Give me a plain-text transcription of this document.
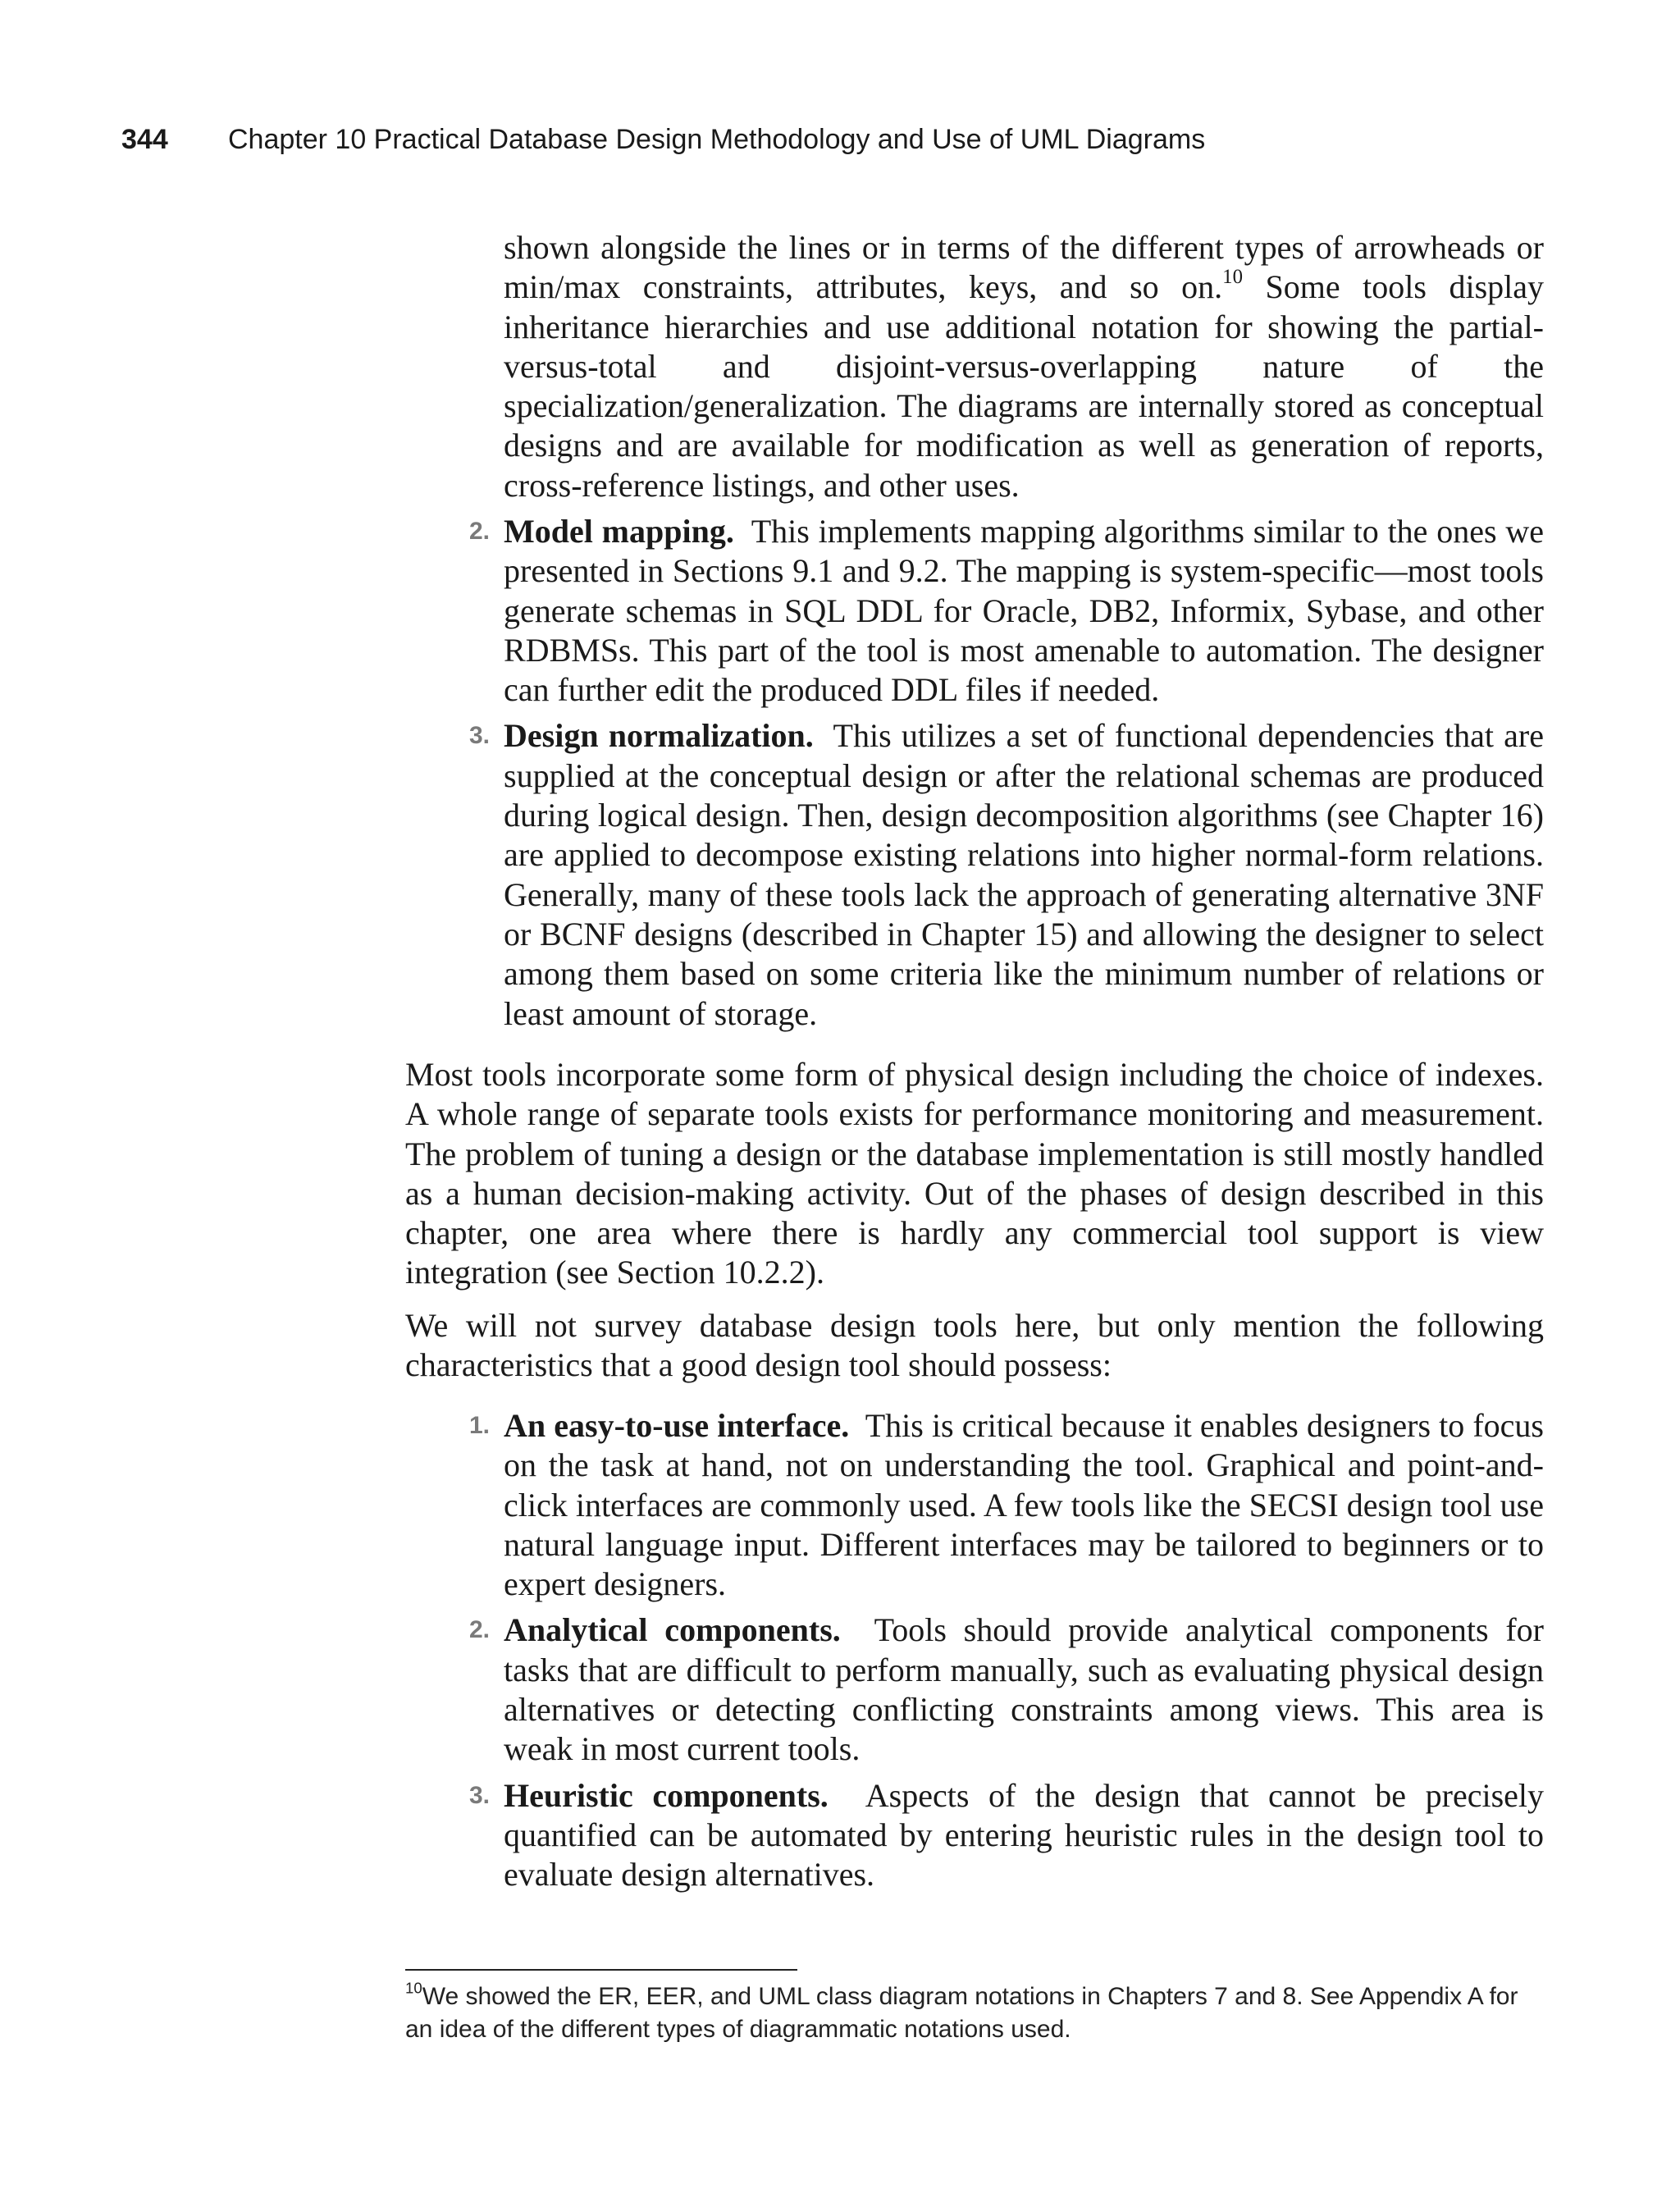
344 Chapter 10 Practical Database Design Methodology and Use of UML Diagrams
shown alongside the lines or in terms of the different types of arrowheads or min/max constraints, attributes, keys, and so on.$^{10}$ Some tools display inheritance hierarchies and use additional notation for showing the partial-versus-total and disjoint-versus-overlapping nature of the specialization/generalization. The diagrams are internally stored as conceptual designs and are available for modification as well as generation of reports, cross-reference listings, and other uses.
2. Model mapping. This implements mapping algorithms similar to the ones we presented in Sections 9.1 and 9.2. The mapping is system-specific—most tools generate schemas in SQL DDL for Oracle, DB2, Informix, Sybase, and other RDBMSs. This part of the tool is most amenable to automation. The designer can further edit the produced DDL files if needed.
3. Design normalization. This utilizes a set of functional dependencies that are supplied at the conceptual design or after the relational schemas are produced during logical design. Then, design decomposition algorithms (see Chapter 16) are applied to decompose existing relations into higher normal-form relations. Generally, many of these tools lack the approach of generating alternative 3NF or BCNF designs (described in Chapter 15) and allowing the designer to select among them based on some criteria like the minimum number of relations or least amount of storage.

Most tools incorporate some form of physical design including the choice of indexes. A whole range of separate tools exists for performance monitoring and measurement. The problem of tuning a design or the database implementation is still mostly handled as a human decision-making activity. Out of the phases of design described in this chapter, one area where there is hardly any commercial tool support is view integration (see Section 10.2.2).

We will not survey database design tools here, but only mention the following characteristics that a good design tool should possess:

1. An easy-to-use interface. This is critical because it enables designers to focus on the task at hand, not on understanding the tool. Graphical and point-and-click interfaces are commonly used. A few tools like the SECSI design tool use natural language input. Different interfaces may be tailored to beginners or to expert designers.
2. Analytical components. Tools should provide analytical components for tasks that are difficult to perform manually, such as evaluating physical design alternatives or detecting conflicting constraints among views. This area is weak in most current tools.
3. Heuristic components. Aspects of the design that cannot be precisely quantified can be automated by entering heuristic rules in the design tool to evaluate design alternatives.
$^{10}$We showed the ER, EER, and UML class diagram notations in Chapters 7 and 8. See Appendix A for an idea of the different types of diagrammatic notations used.
